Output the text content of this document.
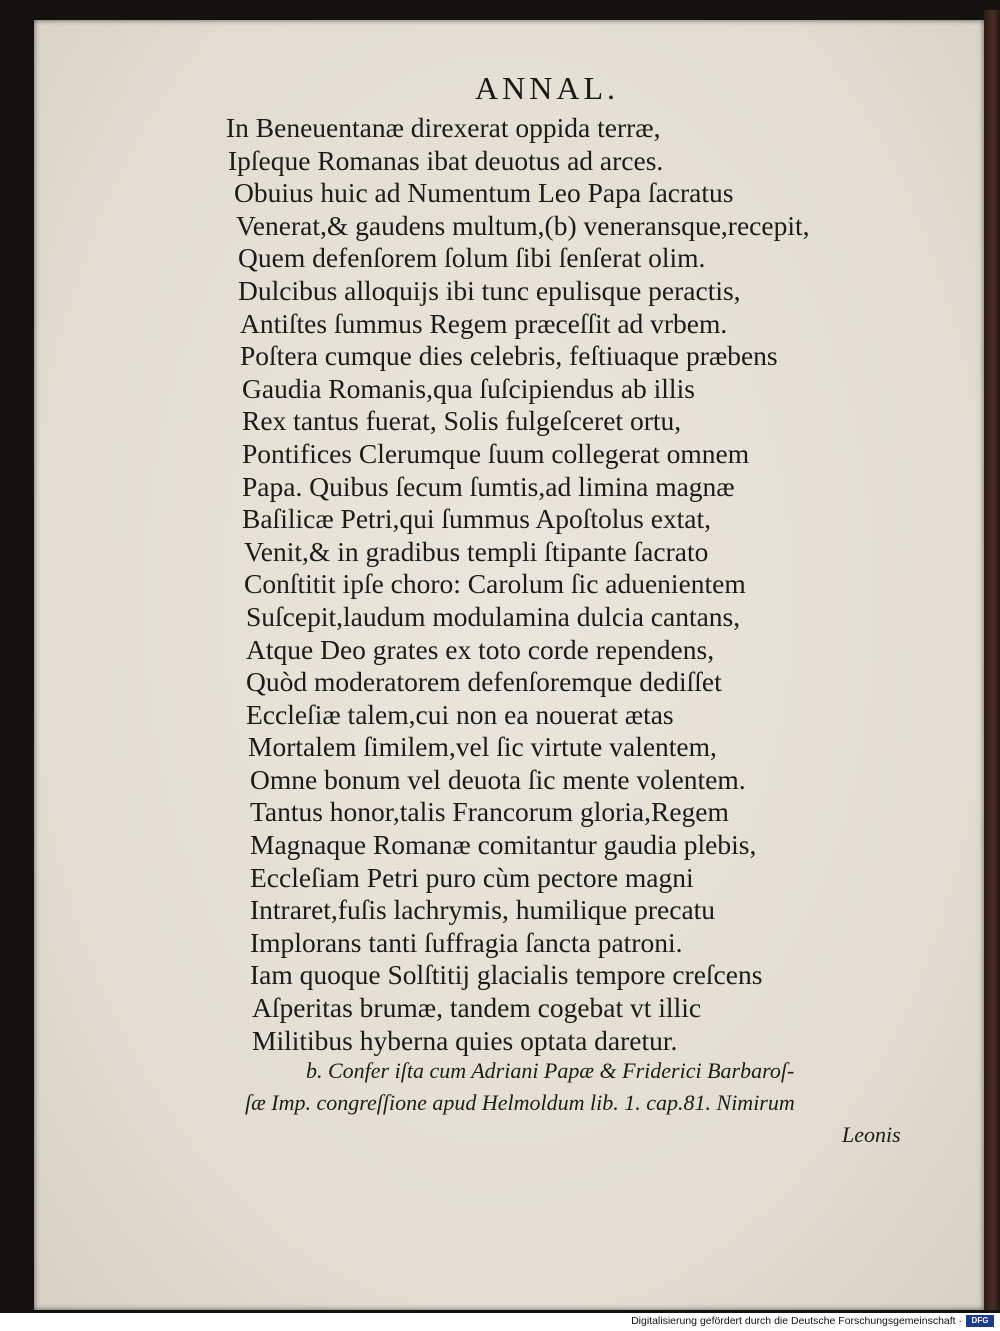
ANNAL.
In Beneuentanæ direxerat oppida terræ,
Ipſeque Romanas ibat deuotus ad arces.
Obuius huic ad Numentum Leo Papa ſacratus
Venerat,& gaudens multum,(b) veneransque,recepit,
Quem defenſorem ſolum ſibi ſenſerat olim.
Dulcibus alloquijs ibi tunc epulisque peractis,
Antiſtes ſummus Regem præceſſit ad vrbem.
Poſtera cumque dies celebris, feſtiuaque præbens
Gaudia Romanis,qua ſuſcipiendus ab illis
Rex tantus fuerat, Solis fulgeſceret ortu,
Pontifices Clerumque ſuum collegerat omnem
Papa. Quibus ſecum ſumtis,ad limina magnæ
Baſilicæ Petri,qui ſummus Apoſtolus extat,
Venit,& in gradibus templi ſtipante ſacrato
Conſtitit ipſe choro: Carolum ſic aduenientem
Suſcepit,laudum modulamina dulcia cantans,
Atque Deo grates ex toto corde rependens,
Quòd moderatorem defenſoremque dediſſet
Eccleſiæ talem,cui non ea nouerat ætas
Mortalem ſimilem,vel ſic virtute valentem,
Omne bonum vel deuota ſic mente volentem.
Tantus honor,talis Francorum gloria,Regem
Magnaque Romanæ comitantur gaudia plebis,
Eccleſiam Petri puro cùm pectore magni
Intraret,fuſis lachrymis, humilique precatu
Implorans tanti ſuffragia ſancta patroni.
Iam quoque Solſtitij glacialis tempore creſcens
Aſperitas brumæ, tandem cogebat vt illic
Militibus hyberna quies optata daretur.
b. Confer iſta cum Adriani Papæ & Friderici Barbaroſ-
ſæ Imp. congreſſione apud Helmoldum lib. 1. cap.81. Nimirum
Leonis
Digitalisierung gefördert durch die Deutsche Forschungsgemeinschaft ·	DFG
